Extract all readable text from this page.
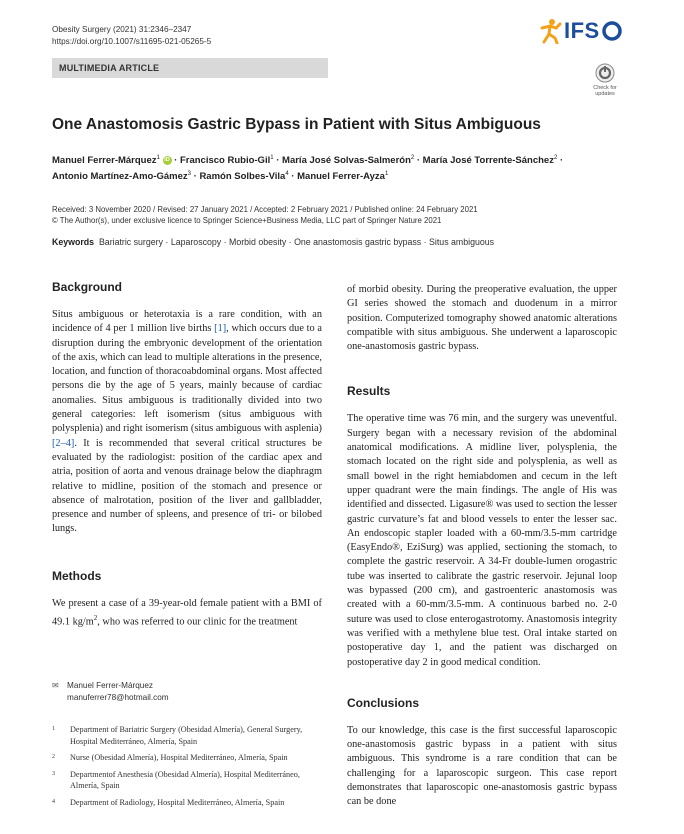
Obesity Surgery (2021) 31:2346–2347
https://doi.org/10.1007/s11695-021-05265-5	IFS
MULTIMEDIA ARTICLE
Check for updates
One Anastomosis Gastric Bypass in Patient with Situs Ambiguous
Manuel Ferrer-Márquez$^1$ iD · Francisco Rubio-Gil$^1$ · María José Solvas-Salmerón$^2$ · María José Torrente-Sánchez$^2$ ·
Antonio Martínez-Amo-Gámez$^3$ · Ramón Solbes-Vila$^4$ · Manuel Ferrer-Ayza$^1$
Received: 3 November 2020 / Revised: 27 January 2021 / Accepted: 2 February 2021 / Published online: 24 February 2021
© The Author(s), under exclusive licence to Springer Science+Business Media, LLC part of Springer Nature 2021
Keywords Bariatric surgery · Laparoscopy · Morbid obesity · One anastomosis gastric bypass · Situs ambiguous
Background

Situs ambiguous or heterotaxia is a rare condition, with an incidence of 4 per 1 million live births [1], which occurs due to a disruption during the embryonic development of the orientation of the axis, which can lead to multiple alterations in the presence, location, and function of thoracoabdominal organs. Most affected persons die by the age of 5 years, mainly because of cardiac anomalies. Situs ambiguous is traditionally divided into two general categories: left isomerism (situs ambiguous with polysplenia) and right isomerism (situs ambiguous with asplenia) [2–4]. It is recommended that several critical structures be evaluated by the radiologist: position of the cardiac apex and atria, position of aorta and venous drainage below the diaphragm relative to midline, position of the stomach and presence or absence of malrotation, position of the liver and gallbladder, presence and number of spleens, and presence of tri- or bilobed lungs.

Methods

We present a case of a 39-year-old female patient with a BMI of 49.1 $kg/m^2$, who was referred to our clinic for the treatment

✉ Manuel Ferrer-Márquez
manuferrer78@hotmail.com
1	Department of Bariatric Surgery (Obesidad Almería), General Surgery, Hospital Mediterráneo, Almería, Spain
2	Nurse (Obesidad Almería), Hospital Mediterráneo, Almería, Spain
3	Departmentof Anesthesia (Obesidad Almería), Hospital Mediterráneo, Almería, Spain
4	Department of Radiology, Hospital Mediterráneo, Almería, Spain

of morbid obesity. During the preoperative evaluation, the upper GI series showed the stomach and duodenum in a mirror position. Computerized tomography showed anatomic alterations compatible with situs ambiguous. She underwent a laparoscopic one-anastomosis gastric bypass.

Results

The operative time was 76 min, and the surgery was uneventful. Surgery began with a necessary revision of the abdominal anatomical modifications. A midline liver, polysplenia, the stomach located on the right side and polysplenia, as well as small bowel in the right hemiabdomen and cecum in the left upper quadrant were the main findings. The angle of His was identified and dissected. Ligasure® was used to section the lesser gastric curvature’s fat and blood vessels to enter the lesser sac. An endoscopic stapler loaded with a 60-mm/3.5-mm cartridge (EasyEndo®, EziSurg) was applied, sectioning the stomach, to complete the gastric reservoir. A 34-Fr double-lumen orogastric tube was inserted to calibrate the gastric reservoir. Jejunal loop was bypassed (200 cm), and gastroenteric anastomosis was created with a 60-mm/3.5-mm. A continuous barbed no. 2-0 suture was used to close enterogastrotomy. Anastomosis integrity was verified with a methylene blue test. Oral intake started on postoperative day 1, and the patient was discharged on postoperative day 2 in good medical condition.

Conclusions

To our knowledge, this case is the first successful laparoscopic one-anastomosis gastric bypass in a patient with situs ambiguous. This syndrome is a rare condition that can be challenging for a laparoscopic surgeon. This case report demonstrates that laparoscopic one-anastomosis gastric bypass can be done
